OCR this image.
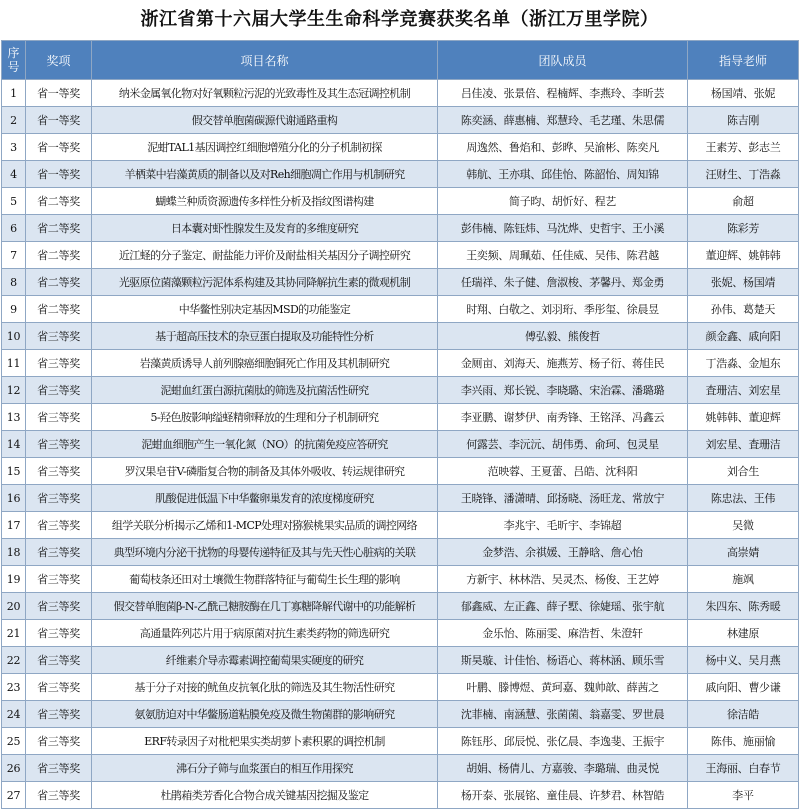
浙江省第十六届大学生生命科学竞赛获奖名单（浙江万里学院）
序号	奖项	项目名称	团队成员	指导老师
1	省一等奖	纳米金属氧化物对好氧颗粒污泥的光致毒性及其生态冠调控机制	吕佳凌、张景倍、程楠辉、李燕玲、李昕芸	杨国靖、张妮
2	省一等奖	假交替单胞菌碳源代谢通路重构	陈奕涵、薛惠楠、郑慧玲、毛艺瑾、朱思儒	陈吉刚
3	省一等奖	泥蚶TAL1基因调控红细胞增殖分化的分子机制初探	周逸然、鲁焰和、彭晔、吴渝彬、陈奕凡	王素芳、彭志兰
4	省一等奖	羊栖菜中岩藻黄质的制备以及对Reh细胞凋亡作用与机制研究	韩航、王亦琪、邱佳怡、陈韶怡、周知锦	汪财生、丁浩淼
5	省二等奖	蝴蝶兰种质资源遗传多样性分析及指纹图谱构建	简子昀、胡忻好、程艺	俞超
6	省二等奖	日本囊对虾性腺发生及发育的多维度研究	彭伟楠、陈钰炜、马沈烨、史哲宇、王小溪	陈彩芳
7	省二等奖	近江蛏的分子鉴定、耐盐能力评价及耐盐相关基因分子调控研究	王奕频、周珮茹、任佳威、吴伟、陈君越	董迎辉、姚韩韩
8	省二等奖	光驱原位菌藻颗粒污泥体系构建及其协同降解抗生素的微观机制	任瑞祥、朱子健、詹淑梭、茅馨丹、郑金勇	张妮、杨国靖
9	省二等奖	中华鳖性别决定基因MSD的功能鉴定	时翔、白敬之、刘羽珩、季彤玺、徐晨昱	孙伟、葛楚天
10	省三等奖	基于超高压技术的杂豆蛋白提取及功能特性分析	傅弘毅、熊俊哲	颜金鑫、戚向阳
11	省三等奖	岩藻黄质诱导人前列腺癌细胞铜死亡作用及其机制研究	金厕亩、刘海天、施燕芳、杨子衍、蒋佳民	丁浩淼、金旭东
12	省三等奖	泥蚶血红蛋白源抗菌肽的筛选及抗菌活性研究	李兴雨、郑长锐、李晓璐、宋治霖、潘璐璐	査珊洁、刘宏星
13	省三等奖	5-羟色胺影响缢蛏精卵释放的生理和分子机制研究	李亚鹏、谢梦伊、南秀锋、王铭泽、冯鑫云	姚韩韩、董迎辉
14	省三等奖	泥蚶血细胞产生一氧化氮（NO）的抗菌免疫应答研究	何露芸、李沅沅、胡伟勇、俞珂、包灵星	刘宏星、査珊洁
15	省三等奖	罗汉果皂苷V-磷脂复合物的制备及其体外吸收、转运规律研究	范映蓉、王夏蕾、吕皓、沈科阳	刘合生
16	省三等奖	肌酸促进低温下中华鳖卵巢发育的浓度梯度研究	王晓锋、潘潇晴、邱扬晓、汤旺龙、常放宁	陈忠法、王伟
17	省三等奖	组学关联分析揭示乙烯和1-MCP处理对猕猴桃果实品质的调控网络	李兆宇、毛昕宇、李锦超	吴微
18	省三等奖	典型环境内分泌干扰物的母婴传递特征及其与先天性心脏病的关联	金梦浩、余祺媛、王静晗、詹心怡	高崇婧
19	省三等奖	葡萄枝条还田对土壤微生物群落特征与葡萄生长生理的影响	方新宇、林林浩、吴灵杰、杨俊、王艺婷	施飒
20	省三等奖	假交替单胞菌β-N-乙酰己糖胺酶在几丁寡糖降解代谢中的功能解析	郁鑫威、左正鑫、薛子墅、徐婕瑶、张宇航	朱四东、陈秀暖
21	省三等奖	高通量阵列芯片用于病原菌对抗生素类药物的筛选研究	金乐怡、陈丽雯、麻浩哲、朱澄轩	林建原
22	省三等奖	纤维素介导赤霉素调控葡萄果实硬度的研究	斯昊璇、计佳怡、杨语心、蒋林涵、顾乐雪	杨中义、吴月燕
23	省三等奖	基于分子对接的鱿鱼皮抗氧化肽的筛选及其生物活性研究	叶鹏、滕博煜、黄珂嘉、魏帅歆、薛茜之	戚向阳、曹少谦
24	省三等奖	氨氨肪迫对中华鳖肠道粘膜免疫及微生物菌群的影响研究	沈菲楠、南涵慧、张菌菌、翁嘉雯、罗世晨	徐洁皓
25	省三等奖	ERF转录因子对枇杷果实类胡萝卜素积累的调控机制	陈钰彤、邱辰悦、张亿晨、李逸斐、王振宇	陈伟、施丽愉
26	省三等奖	沸石分子筛与血浆蛋白的相互作用探究	胡娟、杨倩儿、方嘉骏、李璐瑞、曲灵悦	王海丽、白春节
27	省三等奖	杜鹃葙类芳香化合物合成关键基因挖掘及鉴定	杨开泰、张展铭、童佳晨、许梦君、林智皓	李平
